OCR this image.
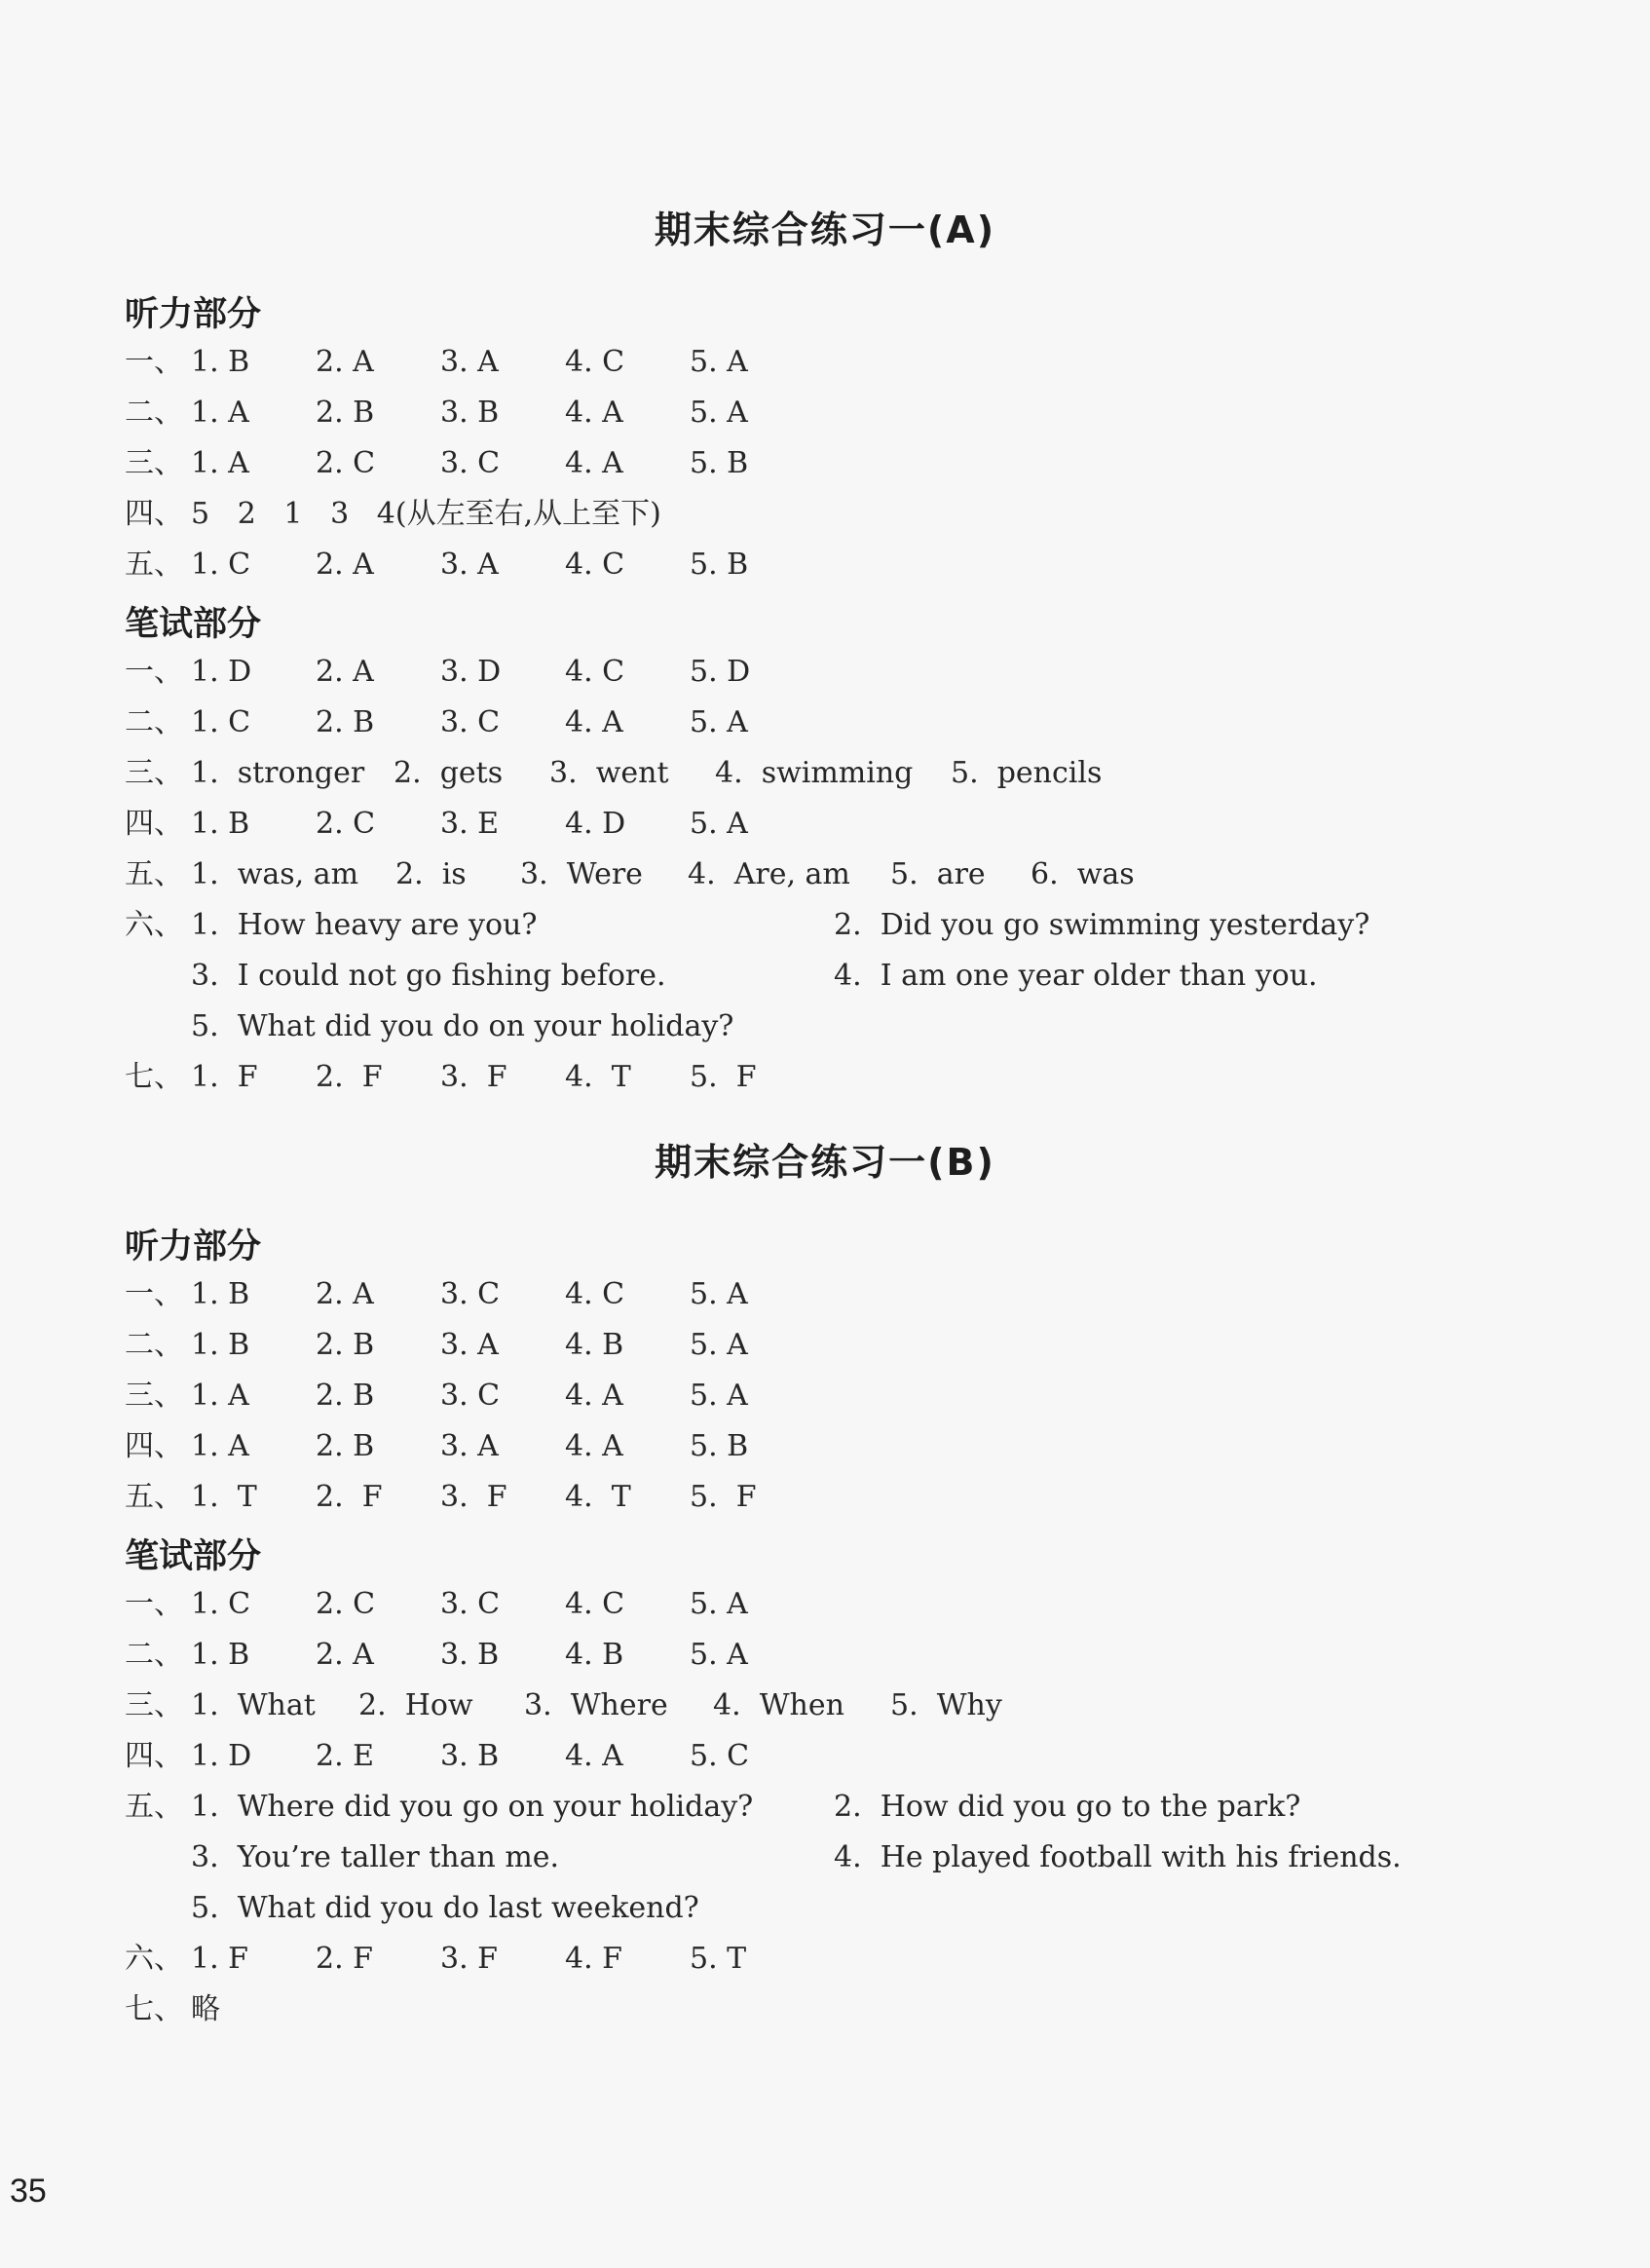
期末综合练习一(A)
听力部分
一、 1. B 2. A 3. A 4. C 5. A
二、 1. A 2. B 3. B 4. A 5. A
三、 1. A 2. C 3. C 4. A 5. B
四、 5   2   1   3   4(从左至右,从上至下)
五、 1. C 2. A 3. A 4. C 5. B
笔试部分
一、 1. D 2. A 3. D 4. C 5. D
二、 1. C 2. B 3. C 4. A 5. A
三、 1.  stronger 2.  gets 3.  went 4.  swimming 5.  pencils
四、 1. B 2. C 3. E 4. D 5. A
五、 1.  was, am 2.  is 3.  Were 4.  Are, am 5.  are 6.  was
六、 1.  How heavy are you?	2.  Did you go swimming yesterday?
3.  I could not go fishing before.	4.  I am one year older than you.
5.  What did you do on your holiday?
七、 1.  F 2.  F 3.  F 4.  T 5.  F
期末综合练习一(B)
听力部分
一、 1. B 2. A 3. C 4. C 5. A
二、 1. B 2. B 3. A 4. B 5. A
三、 1. A 2. B 3. C 4. A 5. A
四、 1. A 2. B 3. A 4. A 5. B
五、 1.  T 2.  F 3.  F 4.  T 5.  F
笔试部分
一、 1. C 2. C 3. C 4. C 5. A
二、 1. B 2. A 3. B 4. B 5. A
三、 1.  What 2.  How 3.  Where 4.  When 5.  Why
四、 1. D 2. E 3. B 4. A 5. C
五、 1.  Where did you go on your holiday?	2.  How did you go to the park?
3.  You’re taller than me.	4.  He played football with his friends.
5.  What did you do last weekend?
六、 1. F 2. F 3. F 4. F 5. T
七、 略
35
